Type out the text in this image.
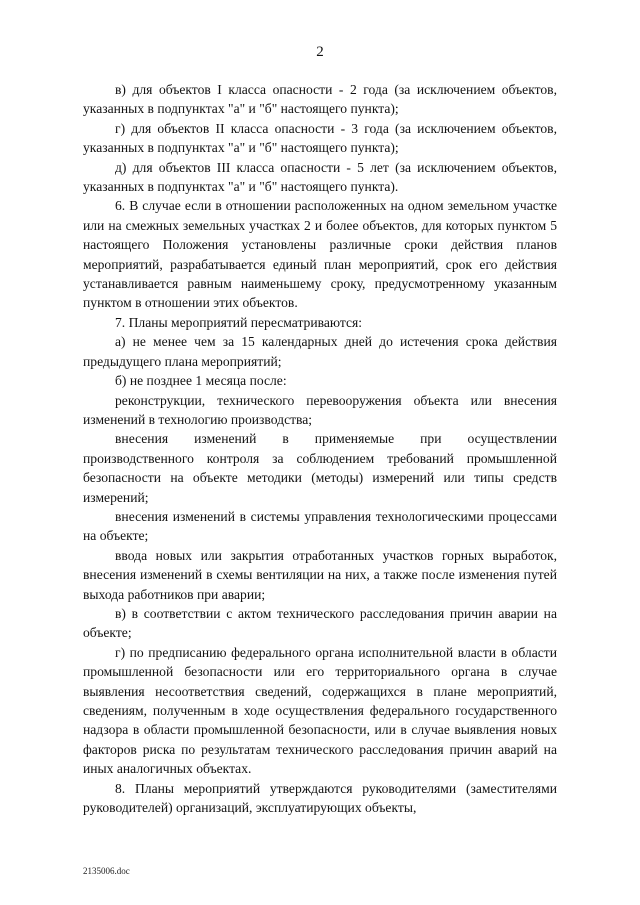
2

в) для объектов I класса опасности - 2 года (за исключением объектов, указанных в подпунктах "а" и "б" настоящего пункта);

г) для объектов II класса опасности - 3 года (за исключением объектов, указанных в подпунктах "а" и "б" настоящего пункта);

д) для объектов III класса опасности - 5 лет (за исключением объектов, указанных в подпунктах "а" и "б" настоящего пункта).

6. В случае если в отношении расположенных на одном земельном участке или на смежных земельных участках 2 и более объектов, для которых пунктом 5 настоящего Положения установлены различные сроки действия планов мероприятий, разрабатывается единый план мероприятий, срок его действия устанавливается равным наименьшему сроку, предусмотренному указанным пунктом в отношении этих объектов.

7. Планы мероприятий пересматриваются:

а) не менее чем за 15 календарных дней до истечения срока действия предыдущего плана мероприятий;

б) не позднее 1 месяца после:

реконструкции, технического перевооружения объекта или внесения изменений в технологию производства;

внесения изменений в применяемые при осуществлении производственного контроля за соблюдением требований промышленной безопасности на объекте методики (методы) измерений или типы средств измерений;

внесения изменений в системы управления технологическими процессами на объекте;

ввода новых или закрытия отработанных участков горных выработок, внесения изменений в схемы вентиляции на них, а также после изменения путей выхода работников при аварии;

в) в соответствии с актом технического расследования причин аварии на объекте;

г) по предписанию федерального органа исполнительной власти в области промышленной безопасности или его территориального органа в случае выявления несоответствия сведений, содержащихся в плане мероприятий, сведениям, полученным в ходе осуществления федерального государственного надзора в области промышленной безопасности, или в случае выявления новых факторов риска по результатам технического расследования причин аварий на иных аналогичных объектах.

8. Планы мероприятий утверждаются руководителями (заместителями руководителей) организаций, эксплуатирующих объекты,

2135006.doc
